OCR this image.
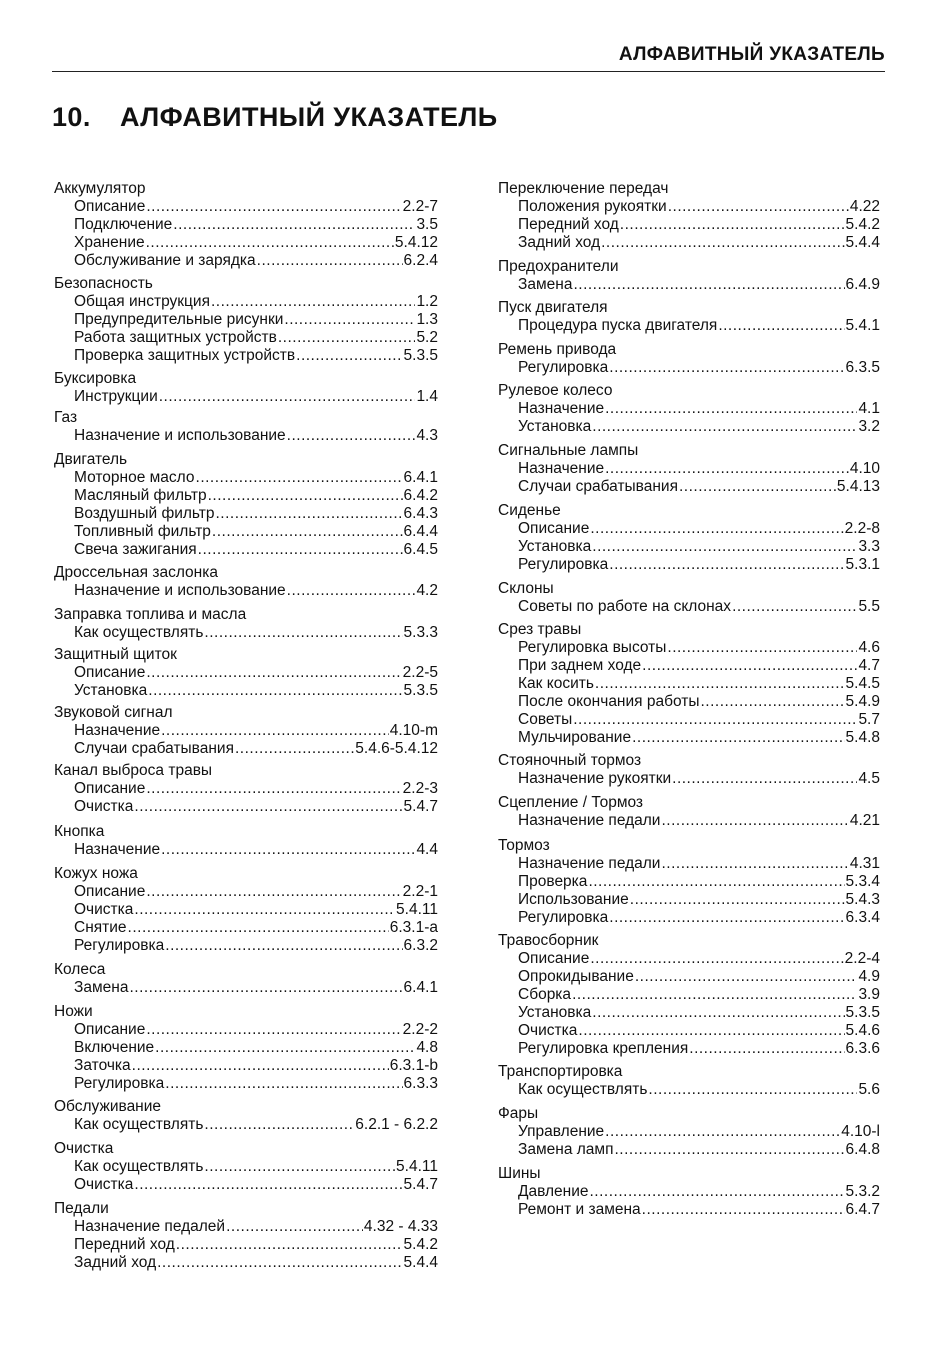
АЛФАВИТНЫЙ УКАЗАТЕЛЬ
10. АЛФАВИТНЫЙ УКАЗАТЕЛЬ
Аккумулятор
Описание .....	2.2-7
Подключение .....	3.5
Хранение .....	5.4.12
Обслуживание и зарядка .....	6.2.4
Безопасность
Общая инструкция .....	1.2
Предупредительные рисунки .....	1.3
Работа защитных устройств .....	5.2
Проверка защитных устройств .....	5.3.5
Буксировка
Инструкции .....	1.4
Газ
Назначение и использование .....	4.3
Двигатель
Моторное масло .....	6.4.1
Масляный фильтр .....	6.4.2
Воздушный фильтр .....	6.4.3
Топливный фильтр .....	6.4.4
Свеча зажигания .....	6.4.5
Дроссельная заслонка
Назначение и использование .....	4.2
Заправка топлива и масла
Как осуществлять .....	5.3.3
Защитный щиток
Описание .....	2.2-5
Установка .....	5.3.5
Звуковой сигнал
Назначение .....	4.10-m
Случаи срабатывания .....	5.4.6-5.4.12
Канал выброса травы
Описание .....	2.2-3
Очистка .....	5.4.7
Кнопка
Назначение .....	4.4
Кожух ножа
Описание .....	2.2-1
Очистка .....	5.4.11
Снятие .....	6.3.1-a
Регулировка .....	6.3.2
Колеса
Замена .....	6.4.1
Ножи
Описание .....	2.2-2
Включение .....	4.8
Заточка .....	6.3.1-b
Регулировка .....	6.3.3
Обслуживание
Как осуществлять .....	6.2.1 - 6.2.2
Очистка
Как осуществлять .....	5.4.11
Очистка .....	5.4.7
Педали
Назначение педалей .....	4.32 - 4.33
Передний ход .....	5.4.2
Задний ход .....	5.4.4
Переключение передач
Положения рукоятки .....	4.22
Передний ход .....	5.4.2
Задний ход .....	5.4.4
Предохранители
Замена .....	6.4.9
Пуск двигателя
Процедура пуска двигателя .....	5.4.1
Ремень привода
Регулировка .....	6.3.5
Рулевое колесо
Назначение .....	4.1
Установка .....	3.2
Сигнальные лампы
Назначение .....	4.10
Случаи срабатывания .....	5.4.13
Сиденье
Описание .....	2.2-8
Установка .....	3.3
Регулировка .....	5.3.1
Склоны
Советы по работе на склонах .....	5.5
Срез травы
Регулировка высоты .....	4.6
При заднем ходе .....	4.7
Как косить .....	5.4.5
После окончания работы .....	5.4.9
Советы .....	5.7
Мульчирование .....	5.4.8
Стояночный тормоз
Назначение рукоятки .....	4.5
Сцепление / Тормоз
Назначение педали .....	4.21
Тормоз
Назначение педали .....	4.31
Проверка .....	5.3.4
Использование .....	5.4.3
Регулировка .....	6.3.4
Травосборник
Описание .....	2.2-4
Опрокидывание .....	4.9
Сборка .....	3.9
Установка .....	5.3.5
Очистка .....	5.4.6
Регулировка крепления .....	6.3.6
Транспортировка
Как осуществлять .....	5.6
Фары
Управление .....	4.10-l
Замена ламп .....	6.4.8
Шины
Давление .....	5.3.2
Ремонт и замена .....	6.4.7
